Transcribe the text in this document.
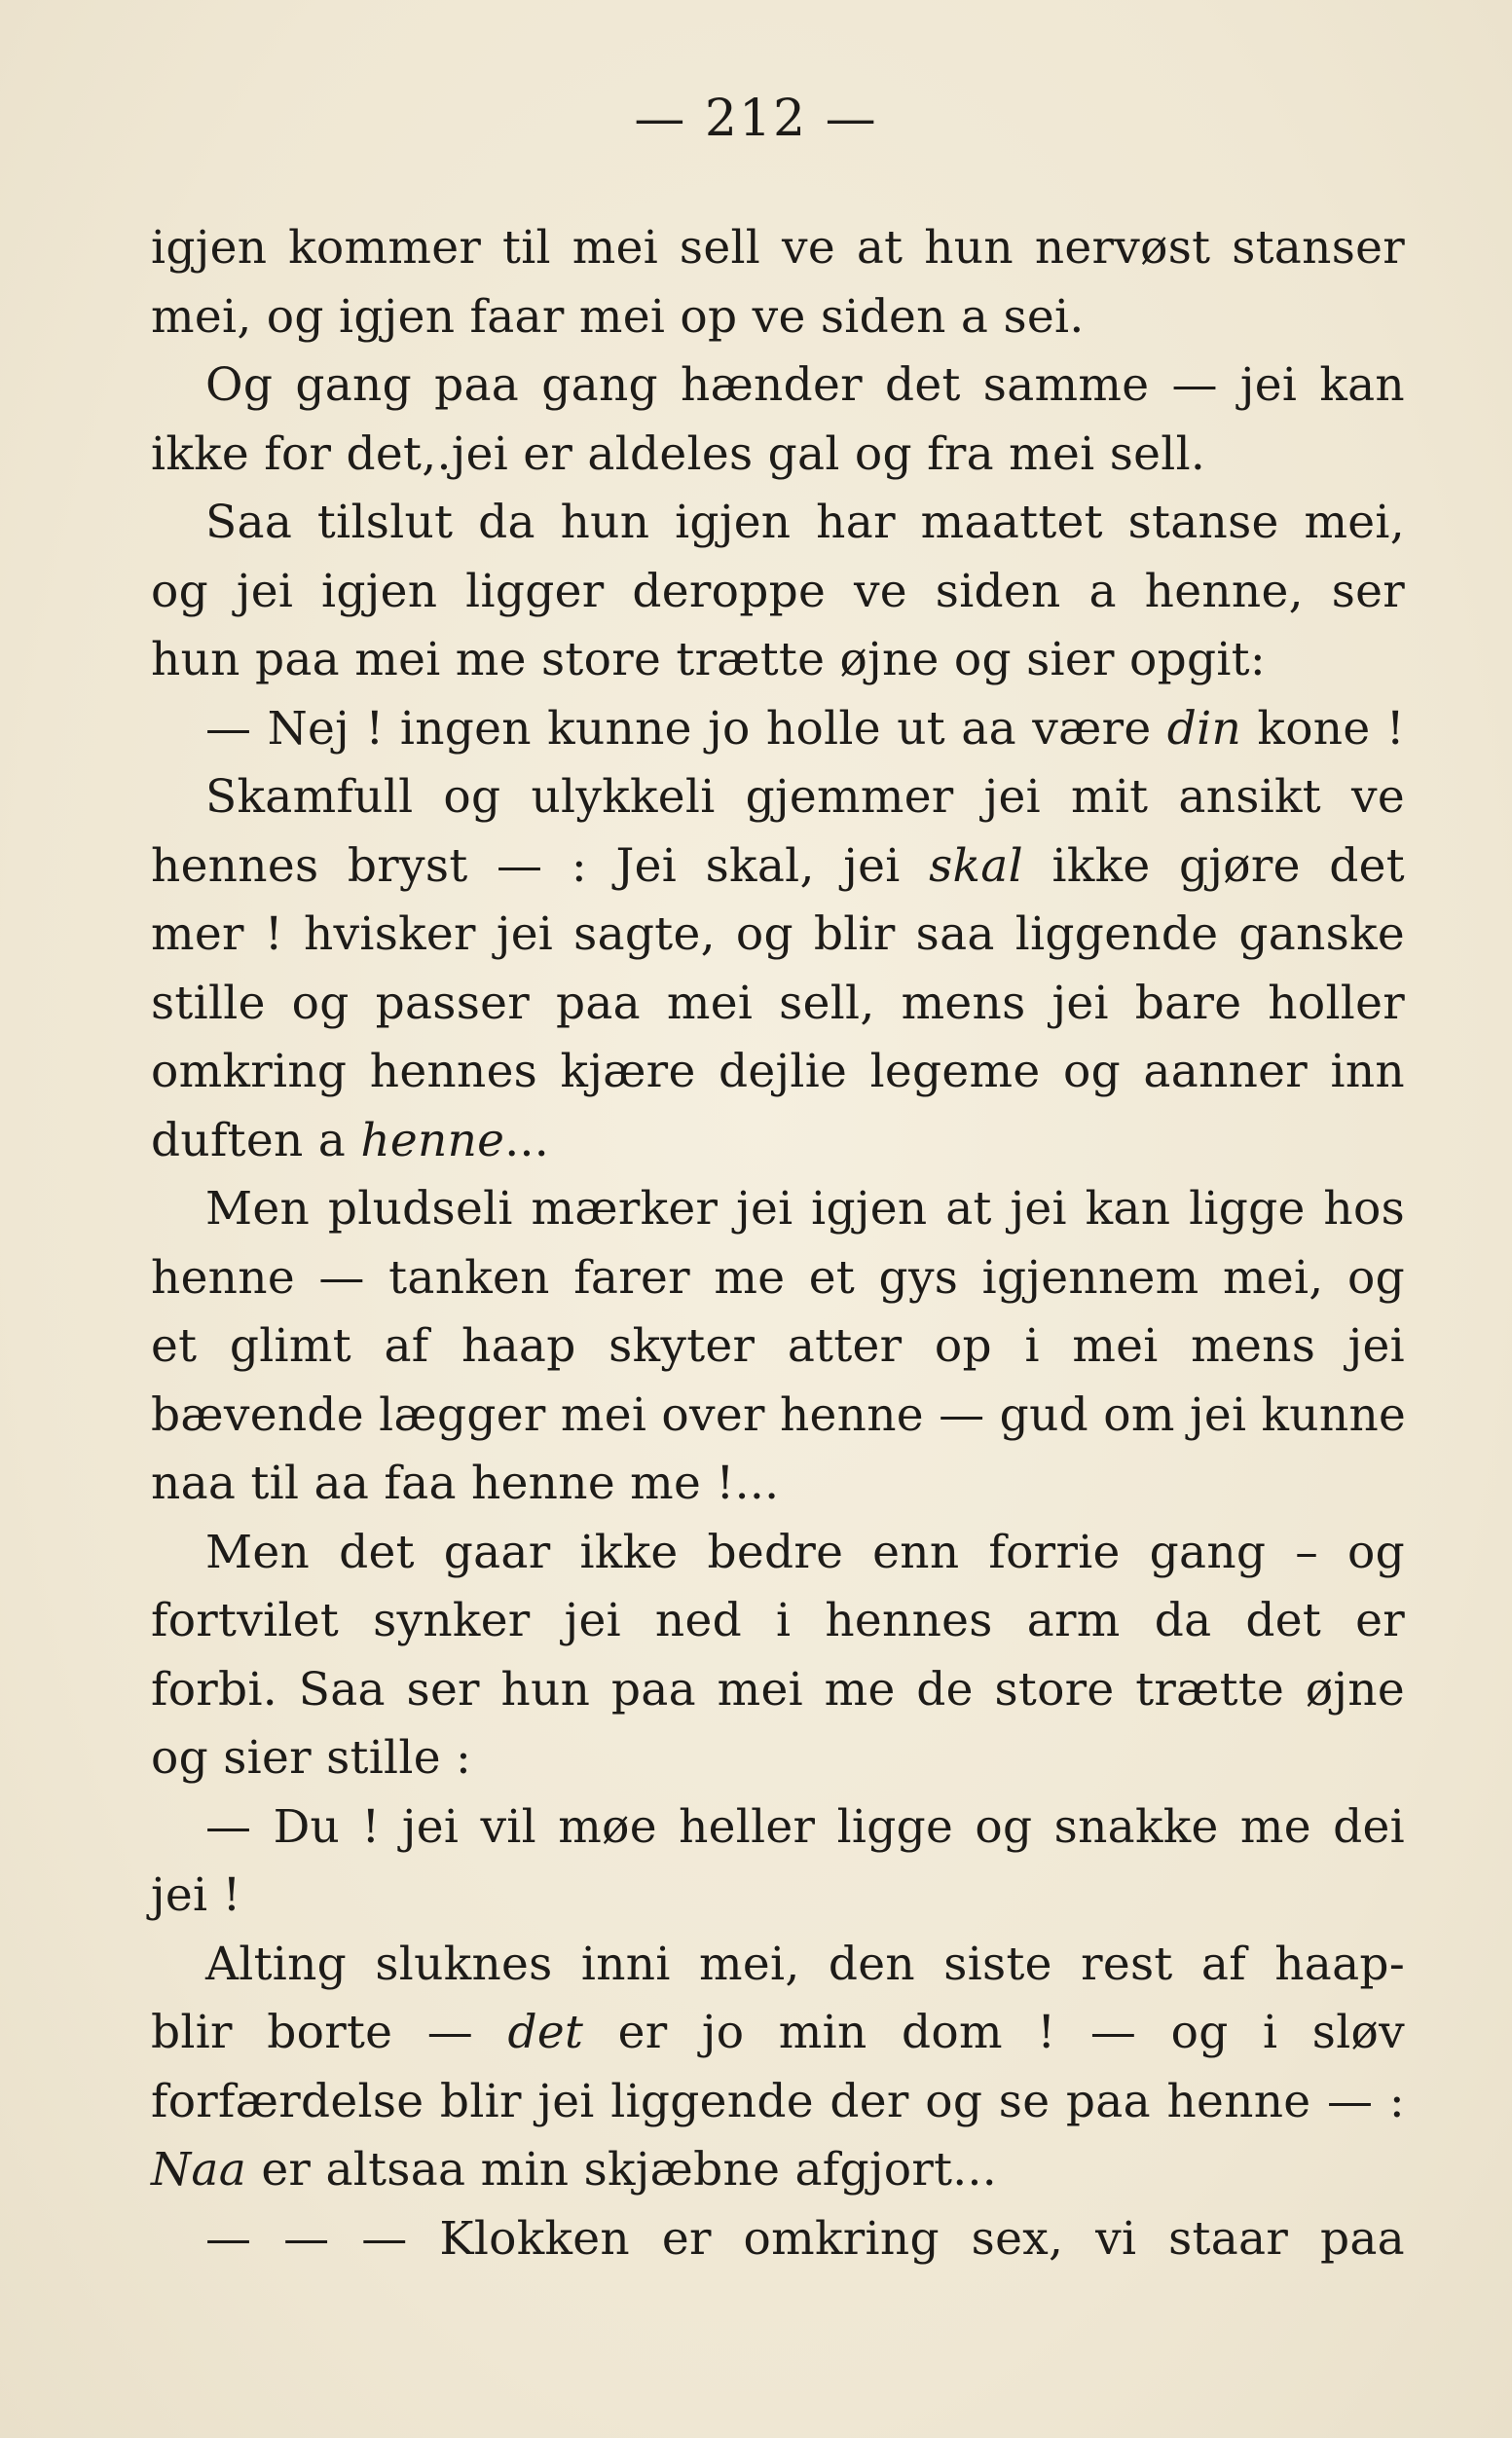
— 212 —
igjen kommer til mei sell ve at hun nervøst stanser
mei, og igjen faar mei op ve siden a sei.
Og gang paa gang hænder det samme — jei kan
ikke for det,.jei er aldeles gal og fra mei sell.
Saa tilslut da hun igjen har maattet stanse mei,
og jei igjen ligger deroppe ve siden a henne, ser
hun paa mei me store trætte øjne og sier opgit:
— Nej ! ingen kunne jo holle ut aa være din kone !
Skamfull og ulykkeli gjemmer jei mit ansikt ve
hennes bryst — : Jei skal, jei skal ikke gjøre det
mer ! hvisker jei sagte, og blir saa liggende ganske
stille og passer paa mei sell, mens jei bare holler
omkring hennes kjære dejlie legeme og aanner inn
duften a henne...
Men pludseli mærker jei igjen at jei kan ligge hos
henne — tanken farer me et gys igjennem mei, og
et glimt af haap skyter atter op i mei mens jei
bævende lægger mei over henne — gud om jei kunne
naa til aa faa henne me !...
Men det gaar ikke bedre enn forrie gang – og
fortvilet synker jei ned i hennes arm da det er
forbi. Saa ser hun paa mei me de store trætte øjne
og sier stille :
— Du ! jei vil møe heller ligge og snakke me dei
jei !
Alting sluknes inni mei, den siste rest af haap-
blir borte — det er jo min dom ! — og i sløv
forfærdelse blir jei liggende der og se paa henne — :
Naa er altsaa min skjæbne afgjort...
— — — Klokken er omkring sex, vi staar paa
